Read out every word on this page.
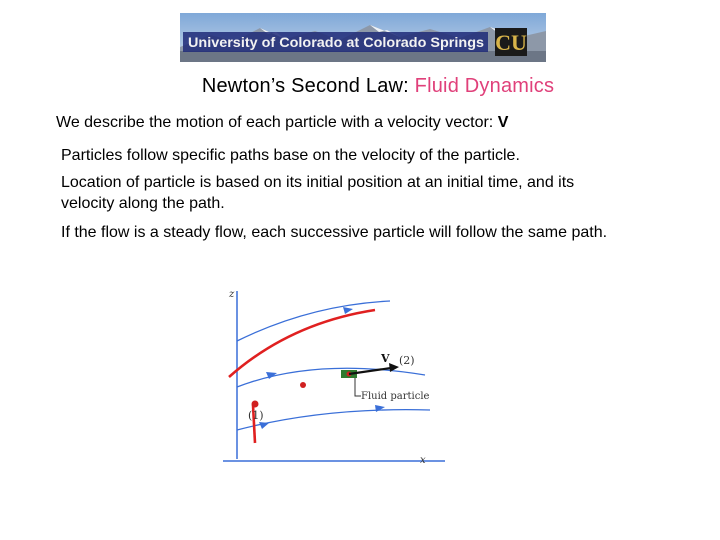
University of Colorado at Colorado Springs CU
Newton’s Second Law: Fluid Dynamics
We describe the motion of each particle with a velocity vector: V
Particles follow specific paths base on the velocity of the particle.
Location of particle is based on its initial position at an initial time, and its velocity along the path.
If the flow is a steady flow, each successive particle will follow the same path.
z
x
V (2)
Fluid particle
(1)
